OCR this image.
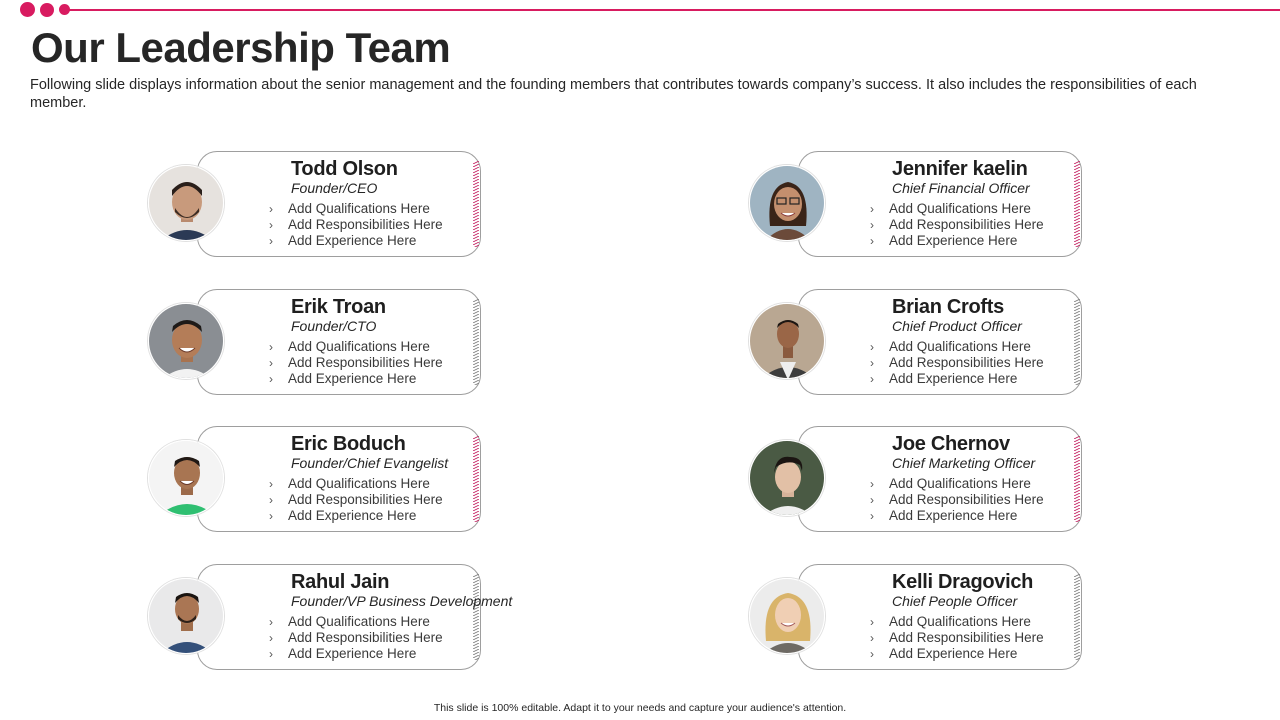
Our Leadership Team

Following slide displays information about the senior management and the founding members that contributes towards company’s success. It also includes the responsibilities of each member.

Todd Olson
Founder/CEO
› Add Qualifications Here
› Add Responsibilities Here
› Add Experience Here
Jennifer kaelin
Chief Financial Officer
› Add Qualifications Here
› Add Responsibilities Here
› Add Experience Here
Erik Troan
Founder/CTO
› Add Qualifications Here
› Add Responsibilities Here
› Add Experience Here
Brian Crofts
Chief Product Officer
› Add Qualifications Here
› Add Responsibilities Here
› Add Experience Here
Eric Boduch
Founder/Chief Evangelist
› Add Qualifications Here
› Add Responsibilities Here
› Add Experience Here
Joe Chernov
Chief Marketing Officer
› Add Qualifications Here
› Add Responsibilities Here
› Add Experience Here
Rahul Jain
Founder/VP Business Development
› Add Qualifications Here
› Add Responsibilities Here
› Add Experience Here
Kelli Dragovich
Chief People Officer
› Add Qualifications Here
› Add Responsibilities Here
› Add Experience Here
This slide is 100% editable. Adapt it to your needs and capture your audience's attention.
